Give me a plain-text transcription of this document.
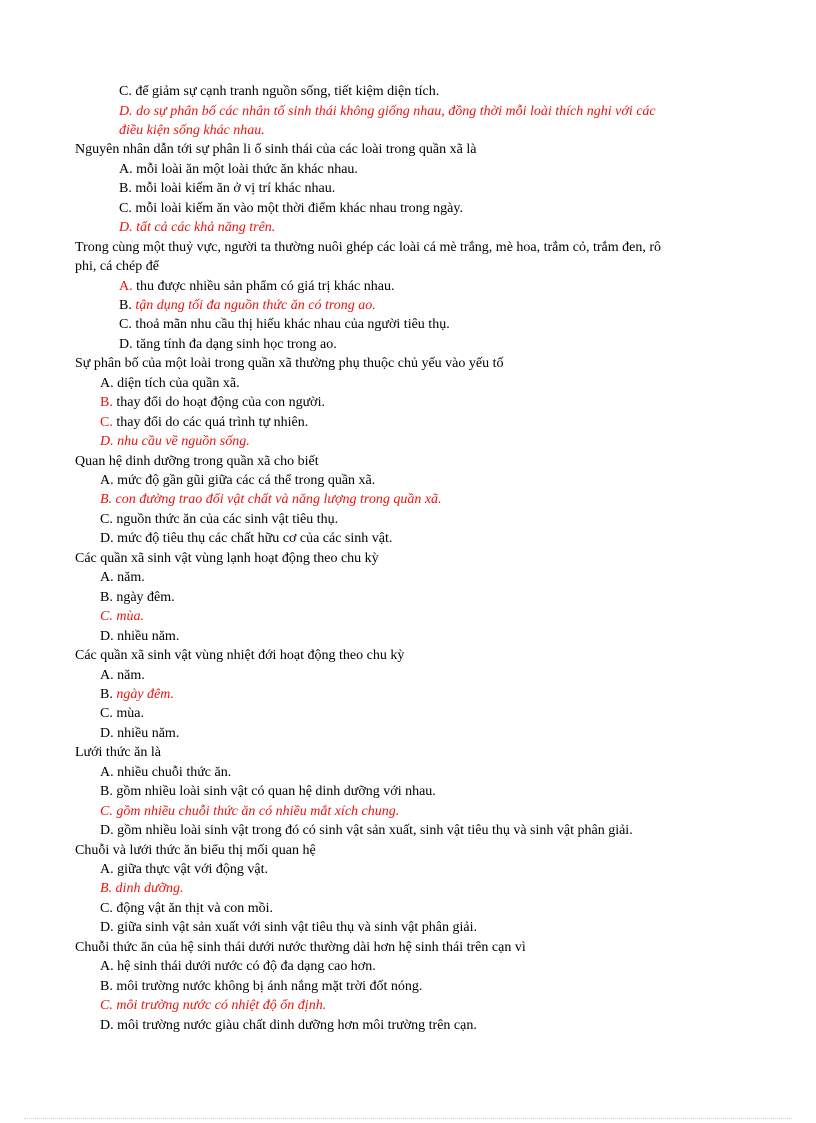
C. để giảm sự cạnh tranh nguồn sống, tiết kiệm diện tích.
D. do sự phân bố các nhân tố sinh thái không giống nhau, đồng thời mỗi loài thích nghi với các
điều kiện sống khác nhau.
Nguyên nhân dẫn tới sự phân li ổ sinh thái của các loài trong quần xã là
A. mỗi loài ăn một loài thức ăn khác nhau.
B. mỗi loài kiếm ăn ở vị trí khác nhau.
C. mỗi loài kiếm ăn vào một thời điểm khác nhau trong ngày.
D. tất cả các khả năng trên.
Trong cùng một thuỷ vực, người ta thường nuôi ghép các loài cá mè trắng, mè hoa, trắm cỏ, trắm đen, rô
phi, cá chép để
A. thu được nhiều sản phẩm có giá trị khác nhau.
B. tận dụng tối đa nguồn thức ăn có trong ao.
C. thoả mãn nhu cầu thị hiếu khác nhau của người tiêu thụ.
D. tăng tính đa dạng sinh học trong ao.
Sự phân bố của một loài trong quần xã thường phụ thuộc chủ yếu vào yếu tố
A. diện tích của quần xã.
B. thay đổi do hoạt động của con người.
C. thay đổi do các quá trình tự nhiên.
D. nhu cầu về nguồn sống.
Quan hệ dinh dưỡng trong quần xã cho biết
A. mức độ gần gũi giữa các cá thể trong quần xã.
B. con đường trao đổi vật chất và năng lượng trong quần xã.
C. nguồn thức ăn của các sinh vật tiêu thụ.
D. mức độ tiêu thụ các chất hữu cơ của các sinh vật.
Các quần xã sinh vật vùng lạnh hoạt động theo chu kỳ
A. năm.
B. ngày đêm.
C. mùa.
D. nhiều năm.
Các quần xã sinh vật vùng nhiệt đới hoạt động theo chu kỳ
A. năm.
B. ngày đêm.
C. mùa.
D. nhiều năm.
Lưới thức ăn là
A. nhiều chuỗi thức ăn.
B. gồm nhiều loài sinh vật có quan hệ dinh dưỡng với nhau.
C. gồm nhiều chuỗi thức ăn có nhiều mắt xích chung.
D. gồm nhiều loài sinh vật trong đó có sinh vật sản xuất, sinh vật tiêu thụ và sinh vật phân giải.
Chuỗi và lưới thức ăn biểu thị mối quan hệ
A. giữa thực vật với động vật.
B. dinh dưỡng.
C. động vật ăn thịt và con mồi.
D. giữa sinh vật sản xuất với sinh vật tiêu thụ và sinh vật phân giải.
Chuỗi thức ăn của hệ sinh thái dưới nước thường dài hơn hệ sinh thái trên cạn vì
A. hệ sinh thái dưới nước có độ đa dạng cao hơn.
B. môi trường nước không bị ánh nắng mặt trời đốt nóng.
C. môi trường nước có nhiệt độ ổn định.
D. môi trường nước giàu chất dinh dưỡng hơn môi trường trên cạn.
